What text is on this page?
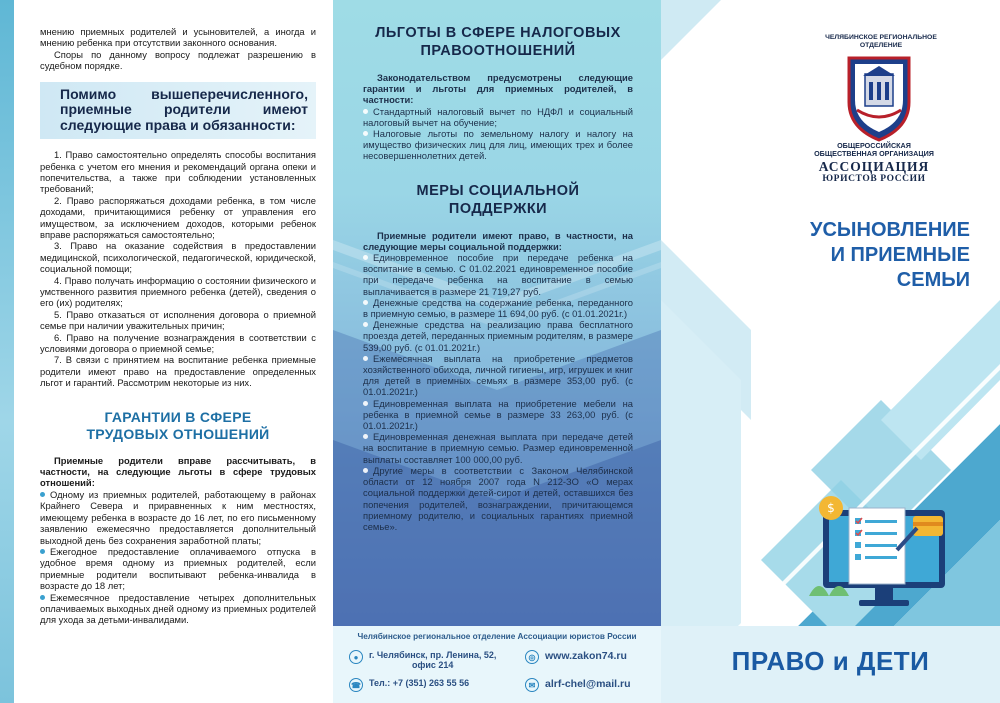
мнению приемных родителей и усыновителей, а иногда и мнению ребенка при отсутствии законного основания.

Споры по данному вопросу подлежат разрешению в судебном порядке.

Помимо вышеперечисленного, приемные родители имеют следующие права и обязанности:

1. Право самостоятельно определять способы воспитания ребенка с учетом его мнения и рекомендаций органа опеки и попечительства, а также при соблюдении установленных требований;

2. Право распоряжаться доходами ребенка, в том числе доходами, причитающимися ребенку от управления его имуществом, за исключением доходов, которыми ребенок вправе распоряжаться самостоятельно;

3. Право на оказание содействия в предоставлении медицинской, психологической, педагогической, юридической, социальной помощи;

4. Право получать информацию о состоянии физического и умственного развития приемного ребенка (детей), сведения о его (их) родителях;

5. Право отказаться от исполнения договора о приемной семье при наличии уважительных причин;

6. Право на получение вознаграждения в соответствии с условиями договора о приемной семье;

7. В связи с принятием на воспитание ребенка приемные родители имеют право на предоставление определенных льгот и гарантий. Рассмотрим некоторые из них.

ГАРАНТИИ В СФЕРЕ
ТРУДОВЫХ ОТНОШЕНИЙ

Приемные родители вправе рассчитывать, в частности, на следующие льготы в сфере трудовых отношений:

Одному из приемных родителей, работающему в районах Крайнего Севера и приравненных к ним местностях, имеющему ребенка в возрасте до 16 лет, по его письменному заявлению ежемесячно предоставляется дополнительный выходной день без сохранения заработной платы;
Ежегодное предоставление оплачиваемого отпуска в удобное время одному из приемных родителей, если приемные родители воспитывают ребенка-инвалида в возрасте до 18 лет;
Ежемесячное предоставление четырех дополнительных оплачиваемых выходных дней одному из приемных родителей для ухода за детьми-инвалидами.
ЛЬГОТЫ В СФЕРЕ НАЛОГОВЫХ
ПРАВООТНОШЕНИЙ

Законодательством предусмотрены следующие гарантии и льготы для приемных родителей, в частности:

Стандартный налоговый вычет по НДФЛ и социальный налоговый вычет на обучение;
Налоговые льготы по земельному налогу и налогу на имущество физических лиц для лиц, имеющих трех и более несовершеннолетних детей.
МЕРЫ СОЦИАЛЬНОЙ
ПОДДЕРЖКИ

Приемные родители имеют право, в частности, на следующие меры социальной поддержки:

Единовременное пособие при передаче ребенка на воспитание в семью. С 01.02.2021 единовременное пособие при передаче ребенка на воспитание в семью выплачивается в размере 21 719,27 руб.
Денежные средства на содержание ребенка, переданного в приемную семью, в размере 11 694,00 руб. (с 01.01.2021г.)
Денежные средства на реализацию права бесплатного проезда детей, переданных приемным родителям, в размере 539,00 руб. (с 01.01.2021г.)
Ежемесячная выплата на приобретение предметов хозяйственного обихода, личной гигиены, игр, игрушек и книг для детей в приемных семьях в размере 353,00 руб. (с 01.01.2021г.)
Единовременная выплата на приобретение мебели на ребенка в приемной семье в размере 33 263,00 руб. (с 01.01.2021г.)
Единовременная денежная выплата при передаче детей на воспитание в приемную семью. Размер единовременной выплаты составляет 100 000,00 руб.
Другие меры в соответствии с Законом Челябинской области от 12 ноября 2007 года N 212-ЗО «О мерах социальной поддержки детей-сирот и детей, оставшихся без попечения родителей, вознаграждении, причитающемся приемному родителю, и социальных гарантиях приемной семье».
Челябинское региональное отделение Ассоциации юристов России
●	г. Челябинск, пр. Ленина, 52,
офис 214
☎ Тел.: +7 (351) 263 55 56
◎ www.zakon74.ru
✉ alrf-chel@mail.ru
ЧЕЛЯБИНСКОЕ РЕГИОНАЛЬНОЕ
ОТДЕЛЕНИЕ
ОБЩЕРОССИЙСКАЯ
ОБЩЕСТВЕННАЯ ОРГАНИЗАЦИЯ
АССОЦИАЦИЯ
ЮРИСТОВ РОССИИ
УСЫНОВЛЕНИЕ
И ПРИЕМНЫЕ
СЕМЬИ
$
ПРАВО и ДЕТИ
